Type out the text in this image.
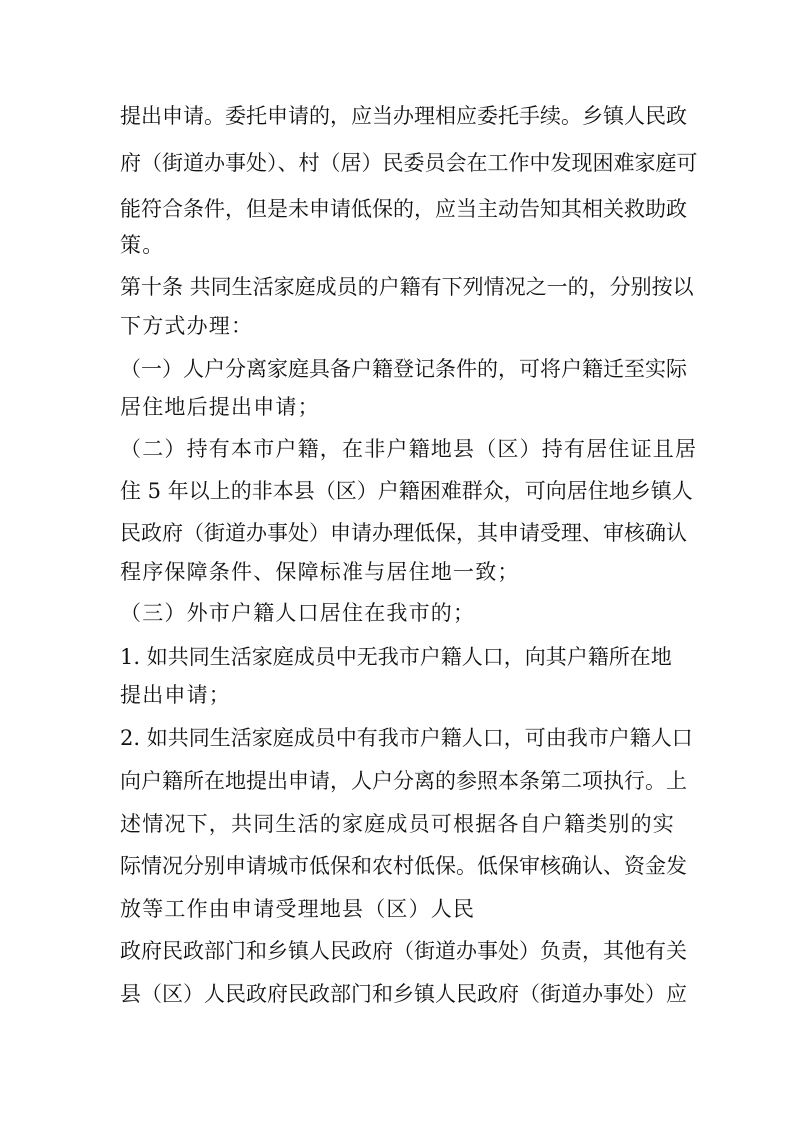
提出申请。委托申请的，应当办理相应委托手续。乡镇人民政
府（街道办事处）、村（居）民委员会在工作中发现困难家庭可
能符合条件，但是未申请低保的，应当主动告知其相关救助政
策。
第十条 共同生活家庭成员的户籍有下列情况之一的，分别按以
下方式办理：
（一）人户分离家庭具备户籍登记条件的，可将户籍迁至实际
居住地后提出申请；
（二）持有本市户籍，在非户籍地县（区）持有居住证且居
住 5 年以上的非本县（区）户籍困难群众，可向居住地乡镇人
民政府（街道办事处）申请办理低保，其申请受理、审核确认
程序保障条件、保障标准与居住地一致；
（三）外市户籍人口居住在我市的；
1. 如共同生活家庭成员中无我市户籍人口，向其户籍所在地
提出申请；
2. 如共同生活家庭成员中有我市户籍人口，可由我市户籍人口
向户籍所在地提出申请，人户分离的参照本条第二项执行。上
述情况下，共同生活的家庭成员可根据各自户籍类别的实
际情况分别申请城市低保和农村低保。低保审核确认、资金发
放等工作由申请受理地县（区）人民
政府民政部门和乡镇人民政府（街道办事处）负责，其他有关
县（区）人民政府民政部门和乡镇人民政府（街道办事处）应
